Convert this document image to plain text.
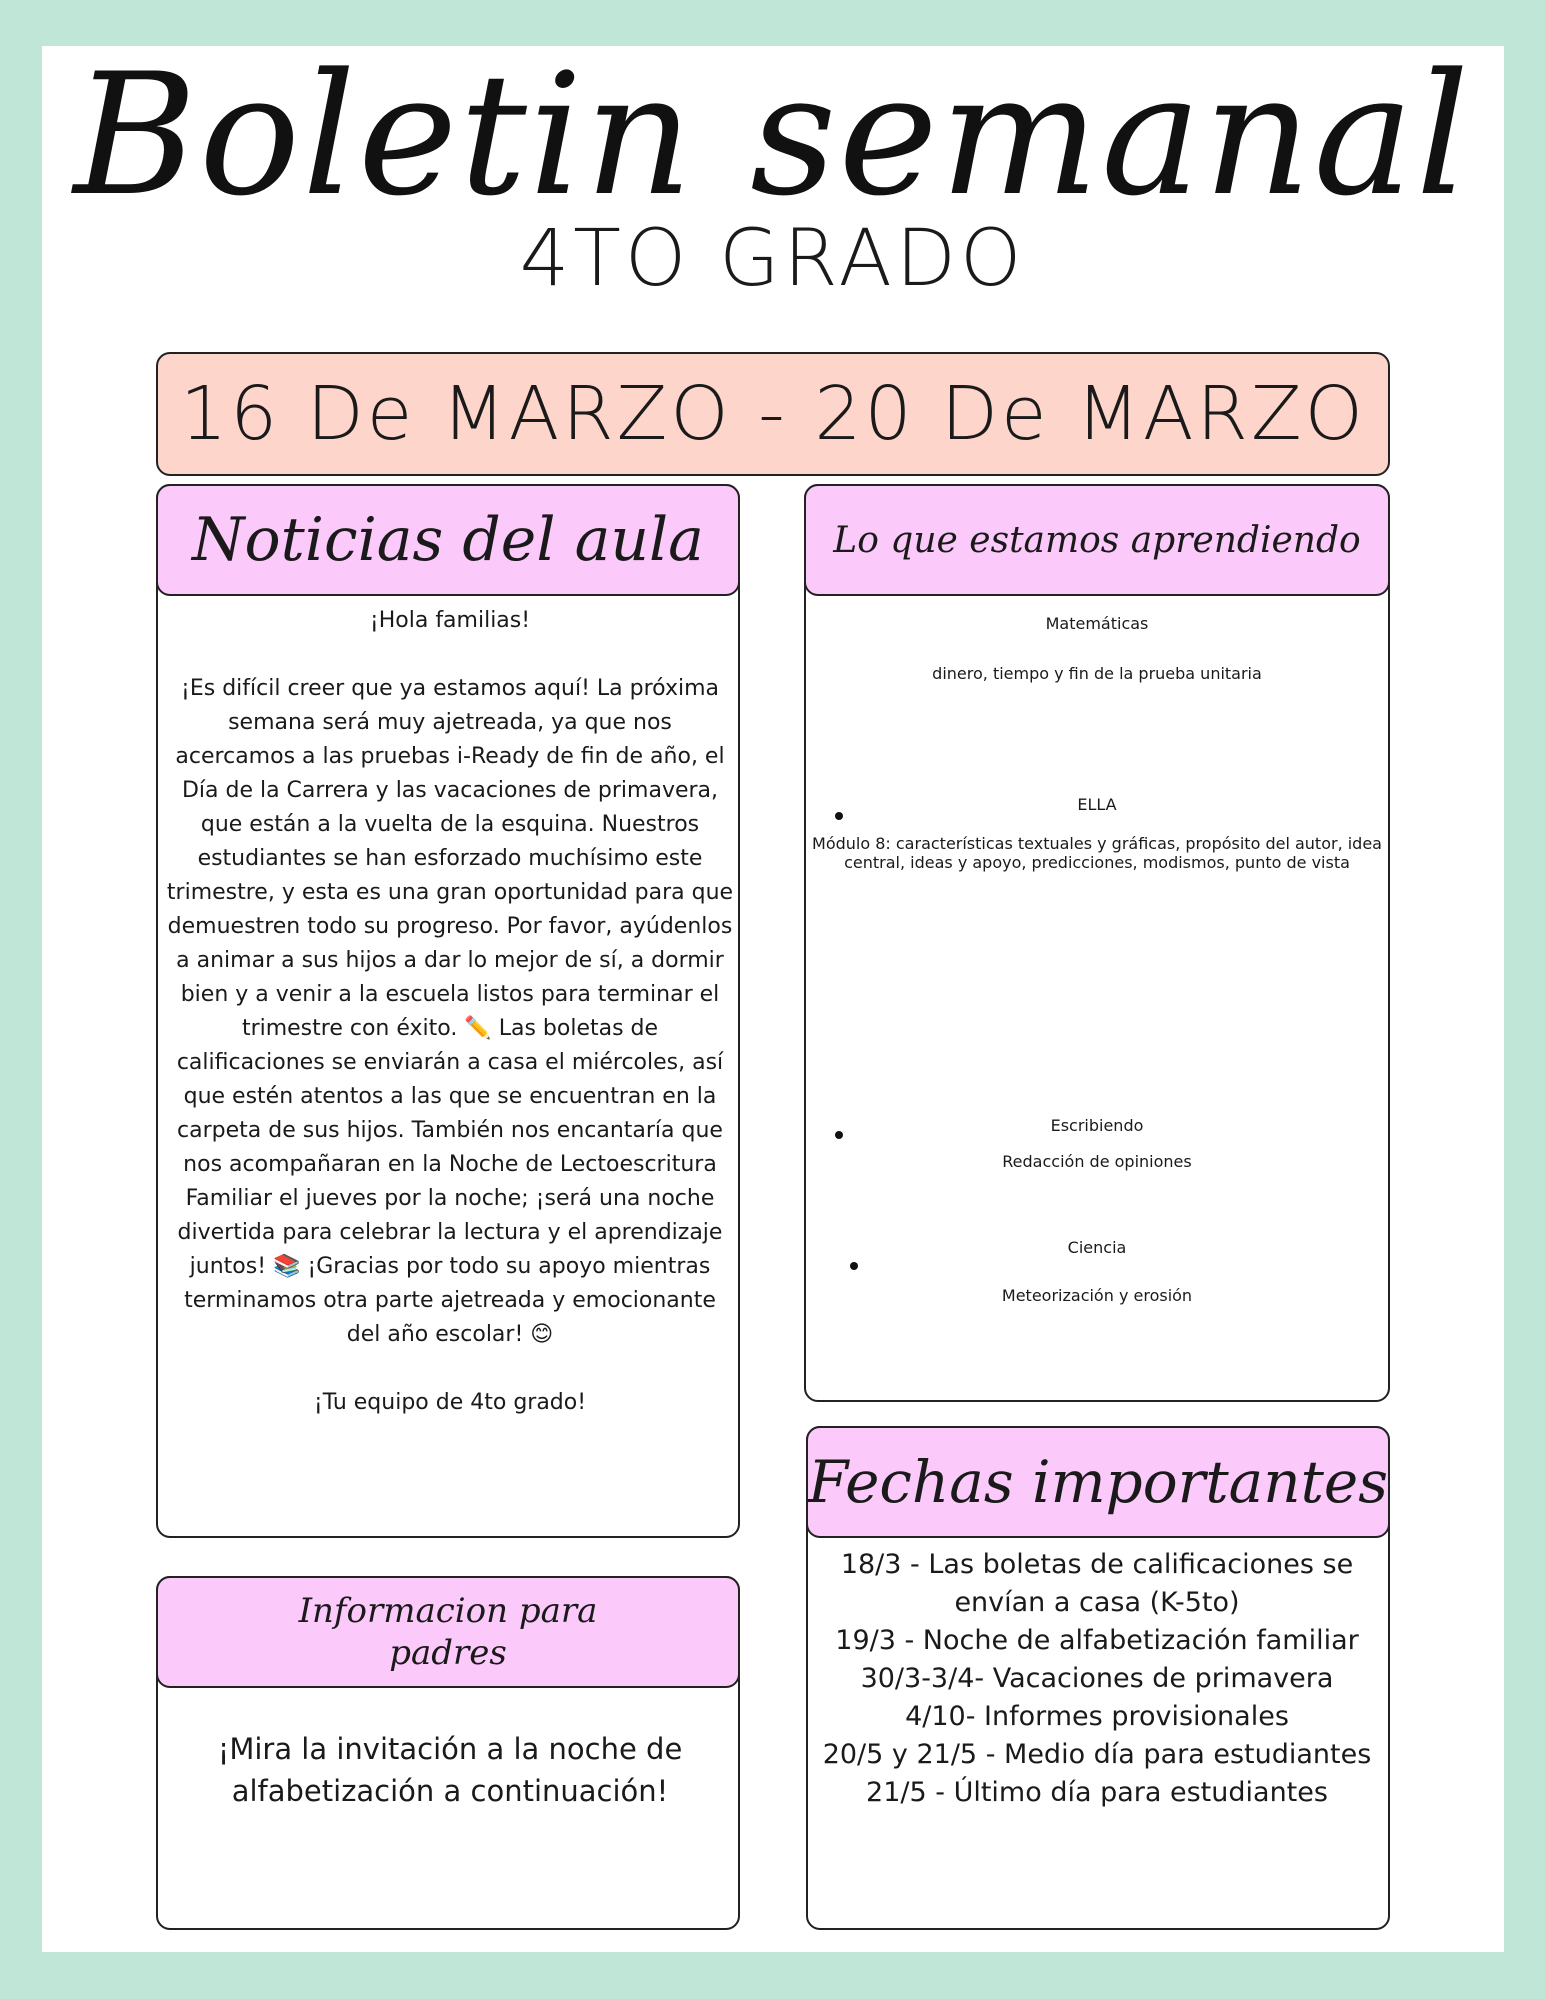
Boletin semanal
4TO GRADO
16 De MARZO - 20 De MARZO
Noticias del aula

¡Hola familias!

¡Es difícil creer que ya estamos aquí! La próxima semana será muy ajetreada, ya que nos acercamos a las pruebas i-Ready de fin de año, el Día de la Carrera y las vacaciones de primavera, que están a la vuelta de la esquina. Nuestros estudiantes se han esforzado muchísimo este trimestre, y esta es una gran oportunidad para que demuestren todo su progreso. Por favor, ayúdenlos a animar a sus hijos a dar lo mejor de sí, a dormir bien y a venir a la escuela listos para terminar el trimestre con éxito. ✏️ Las boletas de calificaciones se enviarán a casa el miércoles, así que estén atentos a las que se encuentran en la carpeta de sus hijos. También nos encantaría que nos acompañaran en la Noche de Lectoescritura Familiar el jueves por la noche; ¡será una noche divertida para celebrar la lectura y el aprendizaje juntos! 📚 ¡Gracias por todo su apoyo mientras terminamos otra parte ajetreada y emocionante del año escolar! 😊

¡Tu equipo de 4to grado!

Lo que estamos aprendiendo
Matemáticas
dinero, tiempo y fin de la prueba unitaria
ELLA
Módulo 8: características textuales y gráficas, propósito del autor, idea central, ideas y apoyo, predicciones, modismos, punto de vista
Escribiendo
Redacción de opiniones
Ciencia
Meteorización y erosión
Fechas importantes
18/3 - Las boletas de calificaciones se
envían a casa (K-5to)
19/3 - Noche de alfabetización familiar
30/3-3/4- Vacaciones de primavera
4/10- Informes provisionales
20/5 y 21/5 - Medio día para estudiantes
21/5 - Último día para estudiantes
Informacion para padres
¡Mira la invitación a la noche de alfabetización a continuación!
